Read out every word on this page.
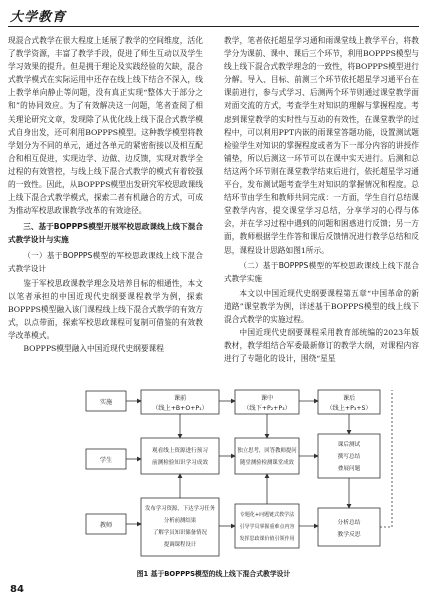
大学教育

现混合式教学在很大程度上延展了教学的空间维度，活化了教学资源，丰富了教学手段，促进了师生互动以及学生学习效果的提升。但是拥于理论及实践经验的欠缺，混合式教学模式在实际运用中还存在线上线下结合不深入，线上教学单向静止等问题，没有真正实现“整体大于部分之和”的协同效应。为了有效解决这一问题，笔者查阅了相关理论研究文章，发现除了从优化线上线下混合式教学模式自身出发，还可利用BOPPPS模型。这种教学模型将教学划分为不同的单元，通过各单元的紧密衔接以及相互配合和相互促进，实现边学、边做、边反馈，实现对教学全过程的有效管控，与线上线下混合式教学的模式有着较强的一致性。因此，从BOPPPS模型出发研究军校思政课线上线下混合式教学模式，探索二者有机融合的方式，可成为推动军校思政课教学改革的有效途径。

三、基于BOPPPS模型开展军校思政课线上线下混合式教学设计与实施
（一）基于BOPPPS模型的军校思政课线上线下混合式教学设计

鉴于军校思政课教学理念及培养目标的相通性，本文以笔者承担的中国近现代史纲要课程教学为例，探索BOPPPS模型融入该门课程线上线下混合式教学的有效方式，以点带面，探索军校思政课程可复制可借鉴的有效教学改革模式。

BOPPPS模型融入中国近现代史纲要课程

教学，笔者依托超星学习通和雨课堂线上教学平台，将教学分为课前、课中、课后三个环节，利用BOPPPS模型与线上线下混合式教学理念的一致性，将BOPPPS模型进行分解。导入、目标、前测三个环节依托超星学习通平台在课前进行，参与式学习、后测两个环节则通过课堂教学面对面交流的方式，考查学生对知识的理解与掌握程度。考虑到课堂教学的实时性与互动的有效性，在课堂教学的过程中，可以利用PPT内嵌的雨课堂答题功能，设置测试题检验学生对知识的掌握程度或者为下一部分内容的讲授作铺垫，所以后测这一环节可以在课中实天进行。后测和总结这两个环节则在课堂教学结束后进行，依托超星学习通平台，发布测试题考查学生对知识的掌握情况和程度。总结环节由学生和教师共同完成：一方面，学生自行总结课堂教学内容，提交课堂学习总结，分享学习的心得与体会，并在学习过程中遇到的问题和困惑进行反馈；另一方面，教师根据学生作答和课后反馈情况进行教学总结和反思，课程设计思路如图1所示。

（二）基于BOPPPS模型的军校思政课线上线下混合式教学实施

本文以中国近现代史纲要课程第五章“中国革命的新道路”课堂教学为例，详述基于BOPPPS模型的线上线下混合式教学的实施过程。

中国近现代史纲要课程采用教育部统编的2023年版教材，教学组结合军委最新修订的教学大纲，对课程内容进行了专题化的设计，围绕“星星

实施
学生
教师
课前
（线上+B+O+P₁）
课中
（线下+P₂+P₃）
课后
（线上+P₃+S）
观看线上资源进行预习
前测检验知识学习成效
独立思考，回答教师提问
随堂测验检测课堂成效
课后测试
撰写总结
叠展问题
发布学习资源，下达学习任务
分析前测结果
了解学员知识储备情况
提调课程设计
专题化+问题链式教学法
引导学员掌握重难点内容
发挥思政课价值引领作用
分析总结
教学反思
图1 基于BOPPPS模型的线上线下混合式教学设计
84
